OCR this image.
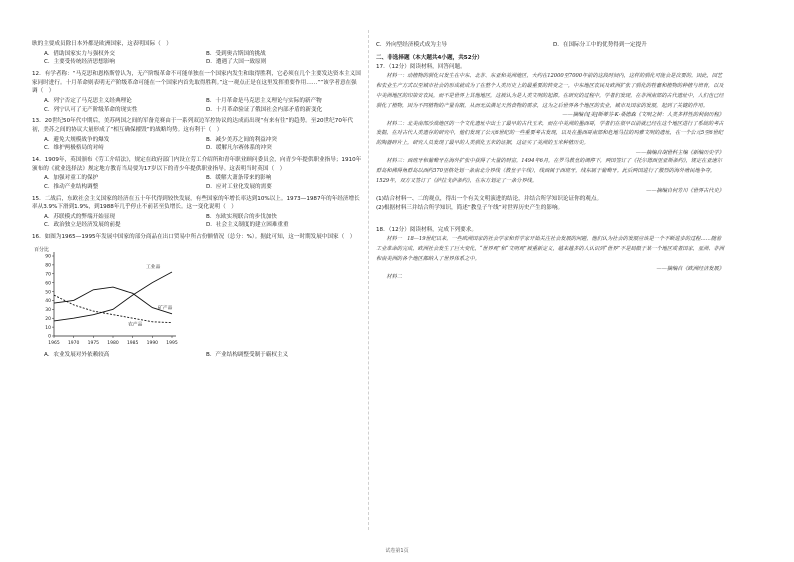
耿的主要成员除日本外都是欧洲国家，这表明国际（　）

A．借助国家实力与强权外交	B．受到奥古斯国的挑战
C．主要受传统经济思想影响	D．遭遇了大国一致原则

12．有学者称：“马克思和恩格斯曾认为，无产阶级革命不可能单独在一个国家内发生和取得胜利，它必须在几个主要发达资本主义国家同时进行。十月革命则表明无产阶级革命可能在一个国家内首先取得胜利。”这一观点正是在这里发挥重要作用……””该学者意在强调（　）

A．列宁否定了马克思主义经典理论	B．十月革命是马克思主义理论与实际的新产物
C．列宁认可了无产阶级革命的现实性	D．十月革命验证了俄国社会内部矛盾的新变化

13．20世纪50年代中期后，美苏两国之间的军备竞赛由于一系列双边军控协议的达成而出现“有来有往”的趋势。至20世纪70年代初，美苏之间的协议大量形成了“相互确保摧毁”的战略均势。这有利于（　）

A．避免大规模战争的爆发	B．减少美苏之间的利益冲突
C．维护两极格局的对峙	D．缓解凡尔赛体系的冲突

14．1909年，英国颁布《劳工介绍法》，规定在政府部门内设立劳工介绍所和青年职业顾问委员会，向青少年提供职业指导；1910年颁布的《就业选择法》规定地方教育当局要为17岁以下的青少年提供职业指导。这表明当时英国（　）

A．加强对童工的保护	B．缓解大萧条带来的影响
C．推动产业结构调整	D．应对工业化发展的需要

15．二战后，东欧社会主义国家的经济在五十年代得到较快发展，有些国家的年增长率达到10%以上。1973—1987年的年经济增长率从3.9%下滑到1.9%，到1988年几乎停止不前甚至负增长。这一变化说明（　）

A．苏联模式的弊端开始显现	B．东欧实现联合的步伐加快
C．政治独立是经济发展的前提	D．社会主义制度的建立困难重重

16．如图为1965—1995年发展中国家的部分商品在出口贸易中所占份额情况（总分：%）。据此可知，这一时期发展中国家（　）

百分比
0
10
20
30
40
50
60
70
80
90
1965 1970 1975 1980 1985 1990 1995
工业品
矿产品
农产品
A．农业发展对外依赖较高	B．产业结构调整受制于霸权主义
C．外向型经济模式成为主导	D．在国际分工中的优势得到一定提升

二、非选择题（本大题共4小题，共52分）

17．（12分）阅读材料，回答问题。

材料一：动植物的驯化只发生在中东、北非、东亚和美洲地区，大约在12000至7000年前的这段时间内，这样的驯化可能会是次要的。因此，园艺和农业生产方式以至城市社会的形成就成为了在整个人类历史上的最重要的转变之一，中东地区农民及欧洲扩张了驯化的牲畜和植物的种植与培育，以及中美洲地区的印第安农民，而不是世界上其他地区，这被认为是人类文明的起源。在研究的过程中，学者们发现，在非洲南部的古代遗址中，人们也已经驯化了植物，因为不同植物的产量有限，从而无法满足天然食物的需求，这为之后世界各个地区的农业，城市及国家的发展，起到了关键的作用。

——摘编自[美]斯蒂芬·K·桑德森《文明之树：人类多样性的利润历程》

材料二：北美南部沙漠地区的一个文化遗址中出土了最早的古代玉米，而在中美洲的墨西哥，学者们在很早以前就已经在这个地区进行了系统的考古发掘，在对古代人类遗存的研究中，他们发现了公元6世纪的一些重要考古发现，以及在墨西哥南部和危地马拉的玛雅文明的遗址，在一个公元5至6世纪的陶器碎片上，研究人员发现了最早的人类驯化玉米的证据，这证实了美洲的玉米种植历史。

——摘编自胡世科主编《新编历史学》

材料三：西班牙和葡萄牙在海外扩张中获得了大量的财富，1494年6月，在罗马教皇的调停下，两国签订了《托尔德西里亚斯条约》，规定在亚速尔群岛和佛得角群岛以西约370里格处划一条南北分界线（教皇子午线），线西属于西班牙，线东属于葡萄牙。此后两国进行了激烈的海外殖民地争夺，1529年，双方又签订了《萨拉戈萨条约》，在东方划定了一条分界线。

——摘编自何芳川《世界古代史》

(1)结合材料一、二的观点，得出一个有关文明演进的结论，并结合所学知识论证你的观点。

(2)根据材料三并结合所学知识，简述“教皇子午线”对世界历史产生的影响。

18．（12分）阅读材料，完成下列要求。

材料一　18—19世纪以来，一些欧洲国家的社会学家和哲学家开始关注社会发展的问题，他们认为社会的发展应该是一个不断进步的过程……随着工业革命的完成，欧洲社会发生了巨大变化，“世界观”和“文明观”被重新定义，越来越多的人认识到“世界”不是局限于某一个地区或者国家，亚洲、非洲和南美洲的各个地区都纳入了世界体系之中。

——摘编自《欧洲经济发展》

材料二

试卷第1页
